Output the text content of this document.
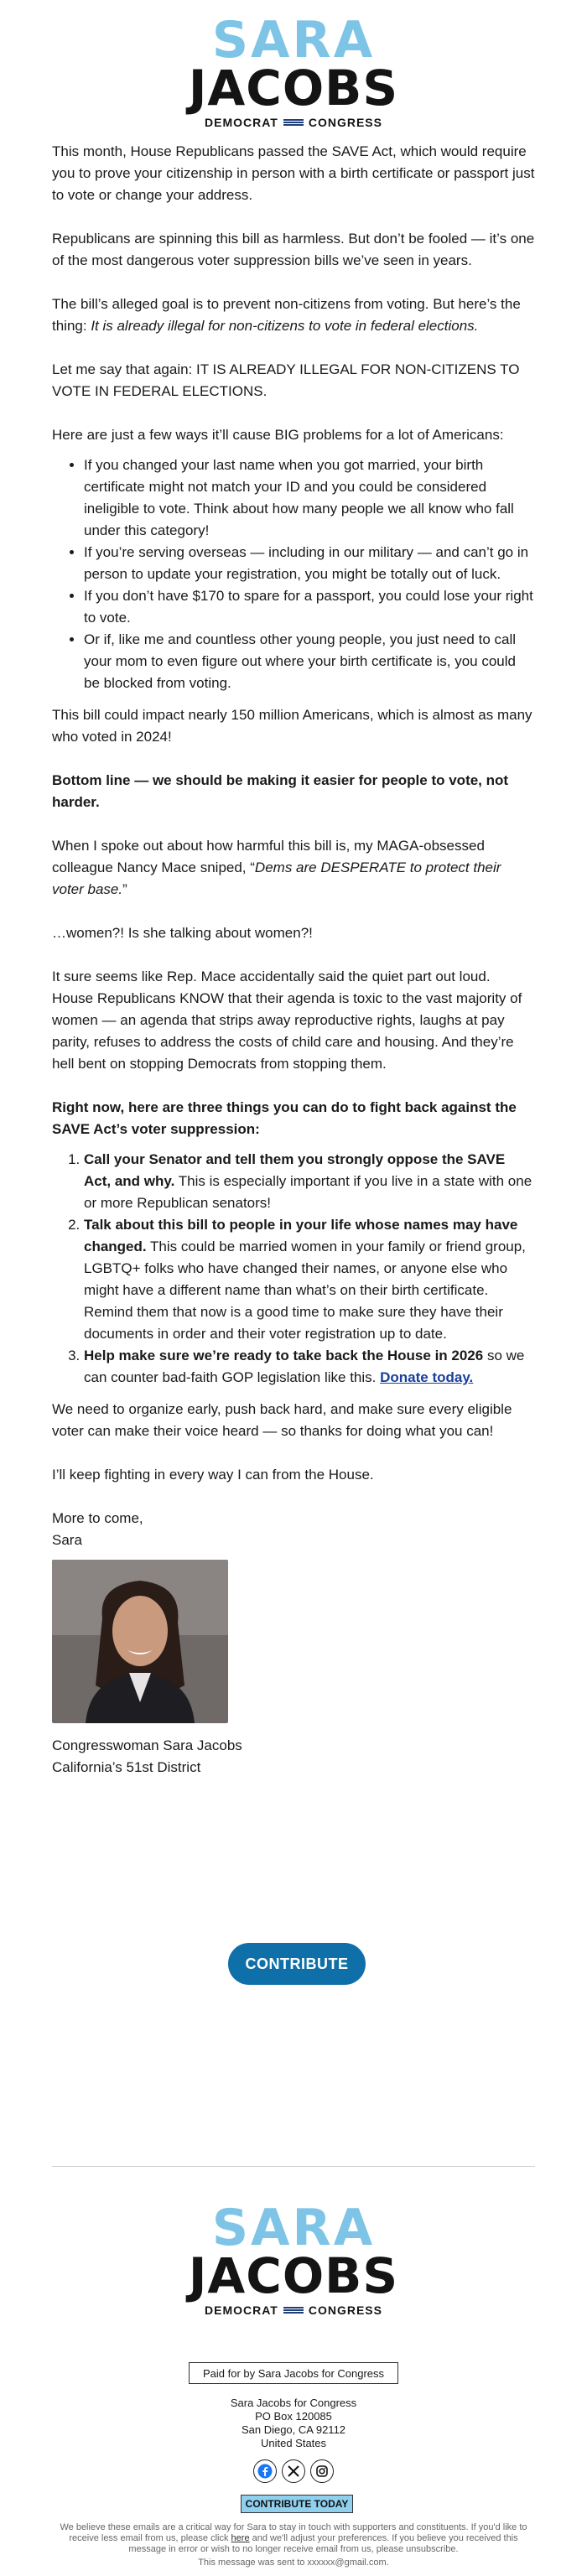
SARA
JACOBS
DEMOCRAT	CONGRESS

This month, House Republicans passed the SAVE Act, which would require you to prove your citizenship in person with a birth certificate or passport just to vote or change your address.

Republicans are spinning this bill as harmless. But don’t be fooled — it’s one of the most dangerous voter suppression bills we’ve seen in years.

The bill’s alleged goal is to prevent non-citizens from voting. But here’s the thing: It is already illegal for non-citizens to vote in federal elections.

Let me say that again: IT IS ALREADY ILLEGAL FOR NON-CITIZENS TO VOTE IN FEDERAL ELECTIONS.

Here are just a few ways it’ll cause BIG problems for a lot of Americans:

• If you changed your last name when you got married, your birth certificate might not match your ID and you could be considered ineligible to vote. Think about how many people we all know who fall under this category!
• If you’re serving overseas — including in our military — and can’t go in person to update your registration, you might be totally out of luck.
• If you don’t have $170 to spare for a passport, you could lose your right to vote.
• Or if, like me and countless other young people, you just need to call your mom to even figure out where your birth certificate is, you could be blocked from voting.

This bill could impact nearly 150 million Americans, which is almost as many who voted in 2024!

Bottom line — we should be making it easier for people to vote, not harder.

When I spoke out about how harmful this bill is, my MAGA-obsessed colleague Nancy Mace sniped, “Dems are DESPERATE to protect their voter base.”

…women?! Is she talking about women?!

It sure seems like Rep. Mace accidentally said the quiet part out loud. House Republicans KNOW that their agenda is toxic to the vast majority of women — an agenda that strips away reproductive rights, laughs at pay parity, refuses to address the costs of child care and housing. And they’re hell bent on stopping Democrats from stopping them.

Right now, here are three things you can do to fight back against the SAVE Act’s voter suppression:

1. Call your Senator and tell them you strongly oppose the SAVE Act, and why. This is especially important if you live in a state with one or more Republican senators!
2. Talk about this bill to people in your life whose names may have changed. This could be married women in your family or friend group, LGBTQ+ folks who have changed their names, or anyone else who might have a different name than what’s on their birth certificate. Remind them that now is a good time to make sure they have their documents in order and their voter registration up to date.
3. Help make sure we’re ready to take back the House in 2026 so we can counter bad-faith GOP legislation like this. Donate today.

We need to organize early, push back hard, and make sure every eligible voter can make their voice heard — so thanks for doing what you can!

I’ll keep fighting in every way I can from the House.

More to come,
Sara

Congresswoman Sara Jacobs
California’s 51st District

CONTRIBUTE
SARA
JACOBS
DEMOCRAT	CONGRESS
Paid for by Sara Jacobs for Congress
Sara Jacobs for Congress
PO Box 120085
San Diego, CA 92112
United States
CONTRIBUTE TODAY
We believe these emails are a critical way for Sara to stay in touch with supporters and constituents. If you'd like to receive less email from us, please click here and we'll adjust your preferences. If you believe you received this message in error or wish to no longer receive email from us, please unsubscribe.
This message was sent to xxxxxx@gmail.com.
